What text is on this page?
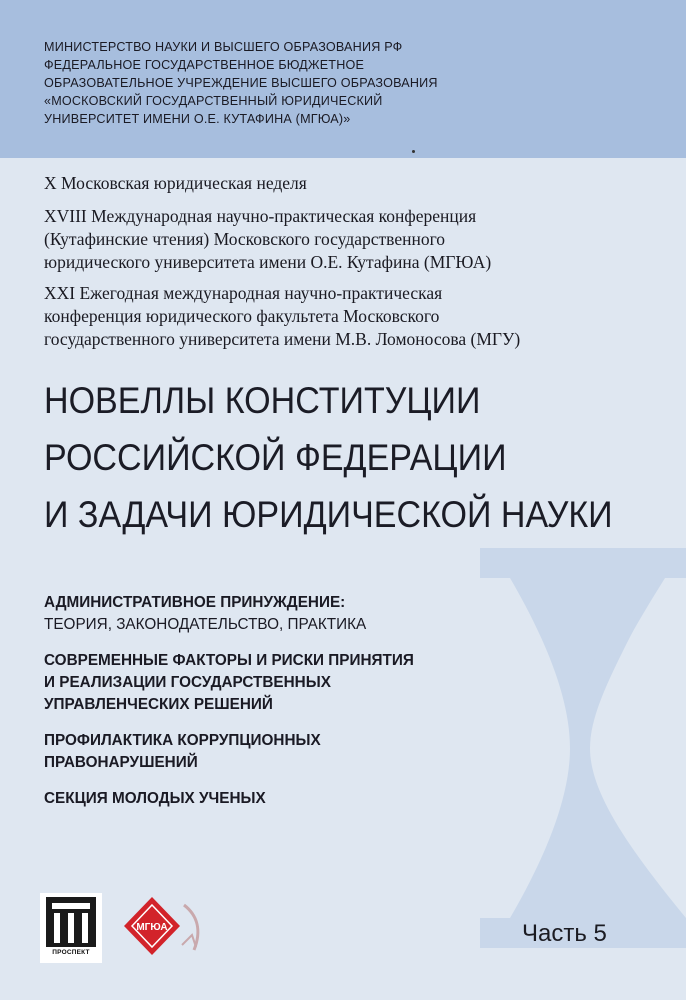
МИНИСТЕРСТВО НАУКИ И ВЫСШЕГО ОБРАЗОВАНИЯ РФ
ФЕДЕРАЛЬНОЕ ГОСУДАРСТВЕННОЕ БЮДЖЕТНОЕ
ОБРАЗОВАТЕЛЬНОЕ УЧРЕЖДЕНИЕ ВЫСШЕГО ОБРАЗОВАНИЯ
«МОСКОВСКИЙ ГОСУДАРСТВЕННЫЙ ЮРИДИЧЕСКИЙ
УНИВЕРСИТЕТ ИМЕНИ О.Е. КУТАФИНА (МГЮА)»
X Московская юридическая неделя
XVIII Международная научно-практическая конференция
(Кутафинские чтения) Московского государственного
юридического университета имени О.Е. Кутафина (МГЮА)
XXI Ежегодная международная научно-практическая
конференция юридического факультета Московского
государственного университета имени М.В. Ломоносова (МГУ)
НОВЕЛЛЫ КОНСТИТУЦИИ
РОССИЙСКОЙ ФЕДЕРАЦИИ
И ЗАДАЧИ ЮРИДИЧЕСКОЙ НАУКИ
АДМИНИСТРАТИВНОЕ ПРИНУЖДЕНИЕ:
ТЕОРИЯ, ЗАКОНОДАТЕЛЬСТВО, ПРАКТИКА
СОВРЕМЕННЫЕ ФАКТОРЫ И РИСКИ ПРИНЯТИЯ
И РЕАЛИЗАЦИИ ГОСУДАРСТВЕННЫХ
УПРАВЛЕНЧЕСКИХ РЕШЕНИЙ
ПРОФИЛАКТИКА КОРРУПЦИОННЫХ
ПРАВОНАРУШЕНИЙ
СЕКЦИЯ МОЛОДЫХ УЧЕНЫХ
ПРОСПЕКТ
МГЮА	Часть 5
